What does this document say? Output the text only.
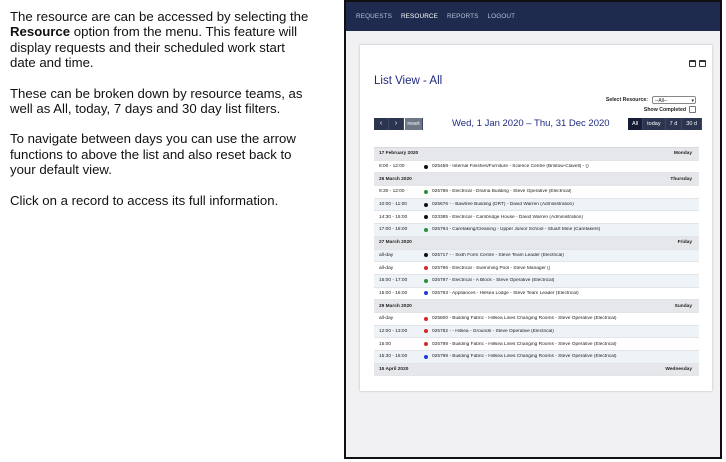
The resource are can be accessed by selecting the Resource option from the menu. This feature will display requests and their scheduled work start date and time.

These can be broken down by resource teams, as well as All, today, 7 days and 30 day list filters.

To navigate between days you can use the arrow functions to above the list and also reset back to your default view.

Click on a record to access its full information.

REQUESTS RESOURCE REPORTS LOGOUT
List View - All
Select Resource:	--All--	▾
Show Completed
‹	›	reset	Wed, 1 Jan 2020 – Thu, 31 Dec 2020	All	today	7 d	30 d
17 February 2020	Monday
8:00 - 12:00	025458 - Internal Finishes/Furniture - Science Centre (Bristow-Clavell) - ()
26 March 2020	Thursday
9:30 - 12:00	025786 - Electrical - Drama Building - Steve Operative (Electrical)
10:00 - 11:00	025676 - - Bawtree Building (DRT) - David Warren (Administration)
14:30 - 16:00	023385 - Electrical - Cambridge House - David Warren (Administration)
17:00 - 18:00	025794 - Caretaking/Cleaning - Upper Junior School - Stuart Mine (Caretakers)
27 March 2020	Friday
all-day	025717 - - Sixth Form Centre - Steve Team Leader (Electrical)
all-day	025796 - Electrical - Swimming Pool - Steve Manager ()
15:00 - 17:00	025797 - Electrical - A Block - Steve Operative (Electrical)
15:00 - 16:00	025793 - Appliances - Hillsea Lodge - Steve Team Leader (Electrical)
29 March 2020	Sunday
all-day	025800 - Building Fabric - Hillsea Lines Changing Rooms - Steve Operative (Electrical)
12:00 - 13:00	025782 - - Hilsea - Grounds - Steve Operative (Electrical)
15:00	025798 - Building Fabric - Hillsea Lines Changing Rooms - Steve Operative (Electrical)
15:30 - 16:00	025799 - Building Fabric - Hillsea Lines Changing Rooms - Steve Operative (Electrical)
15 April 2020	Wednesday
